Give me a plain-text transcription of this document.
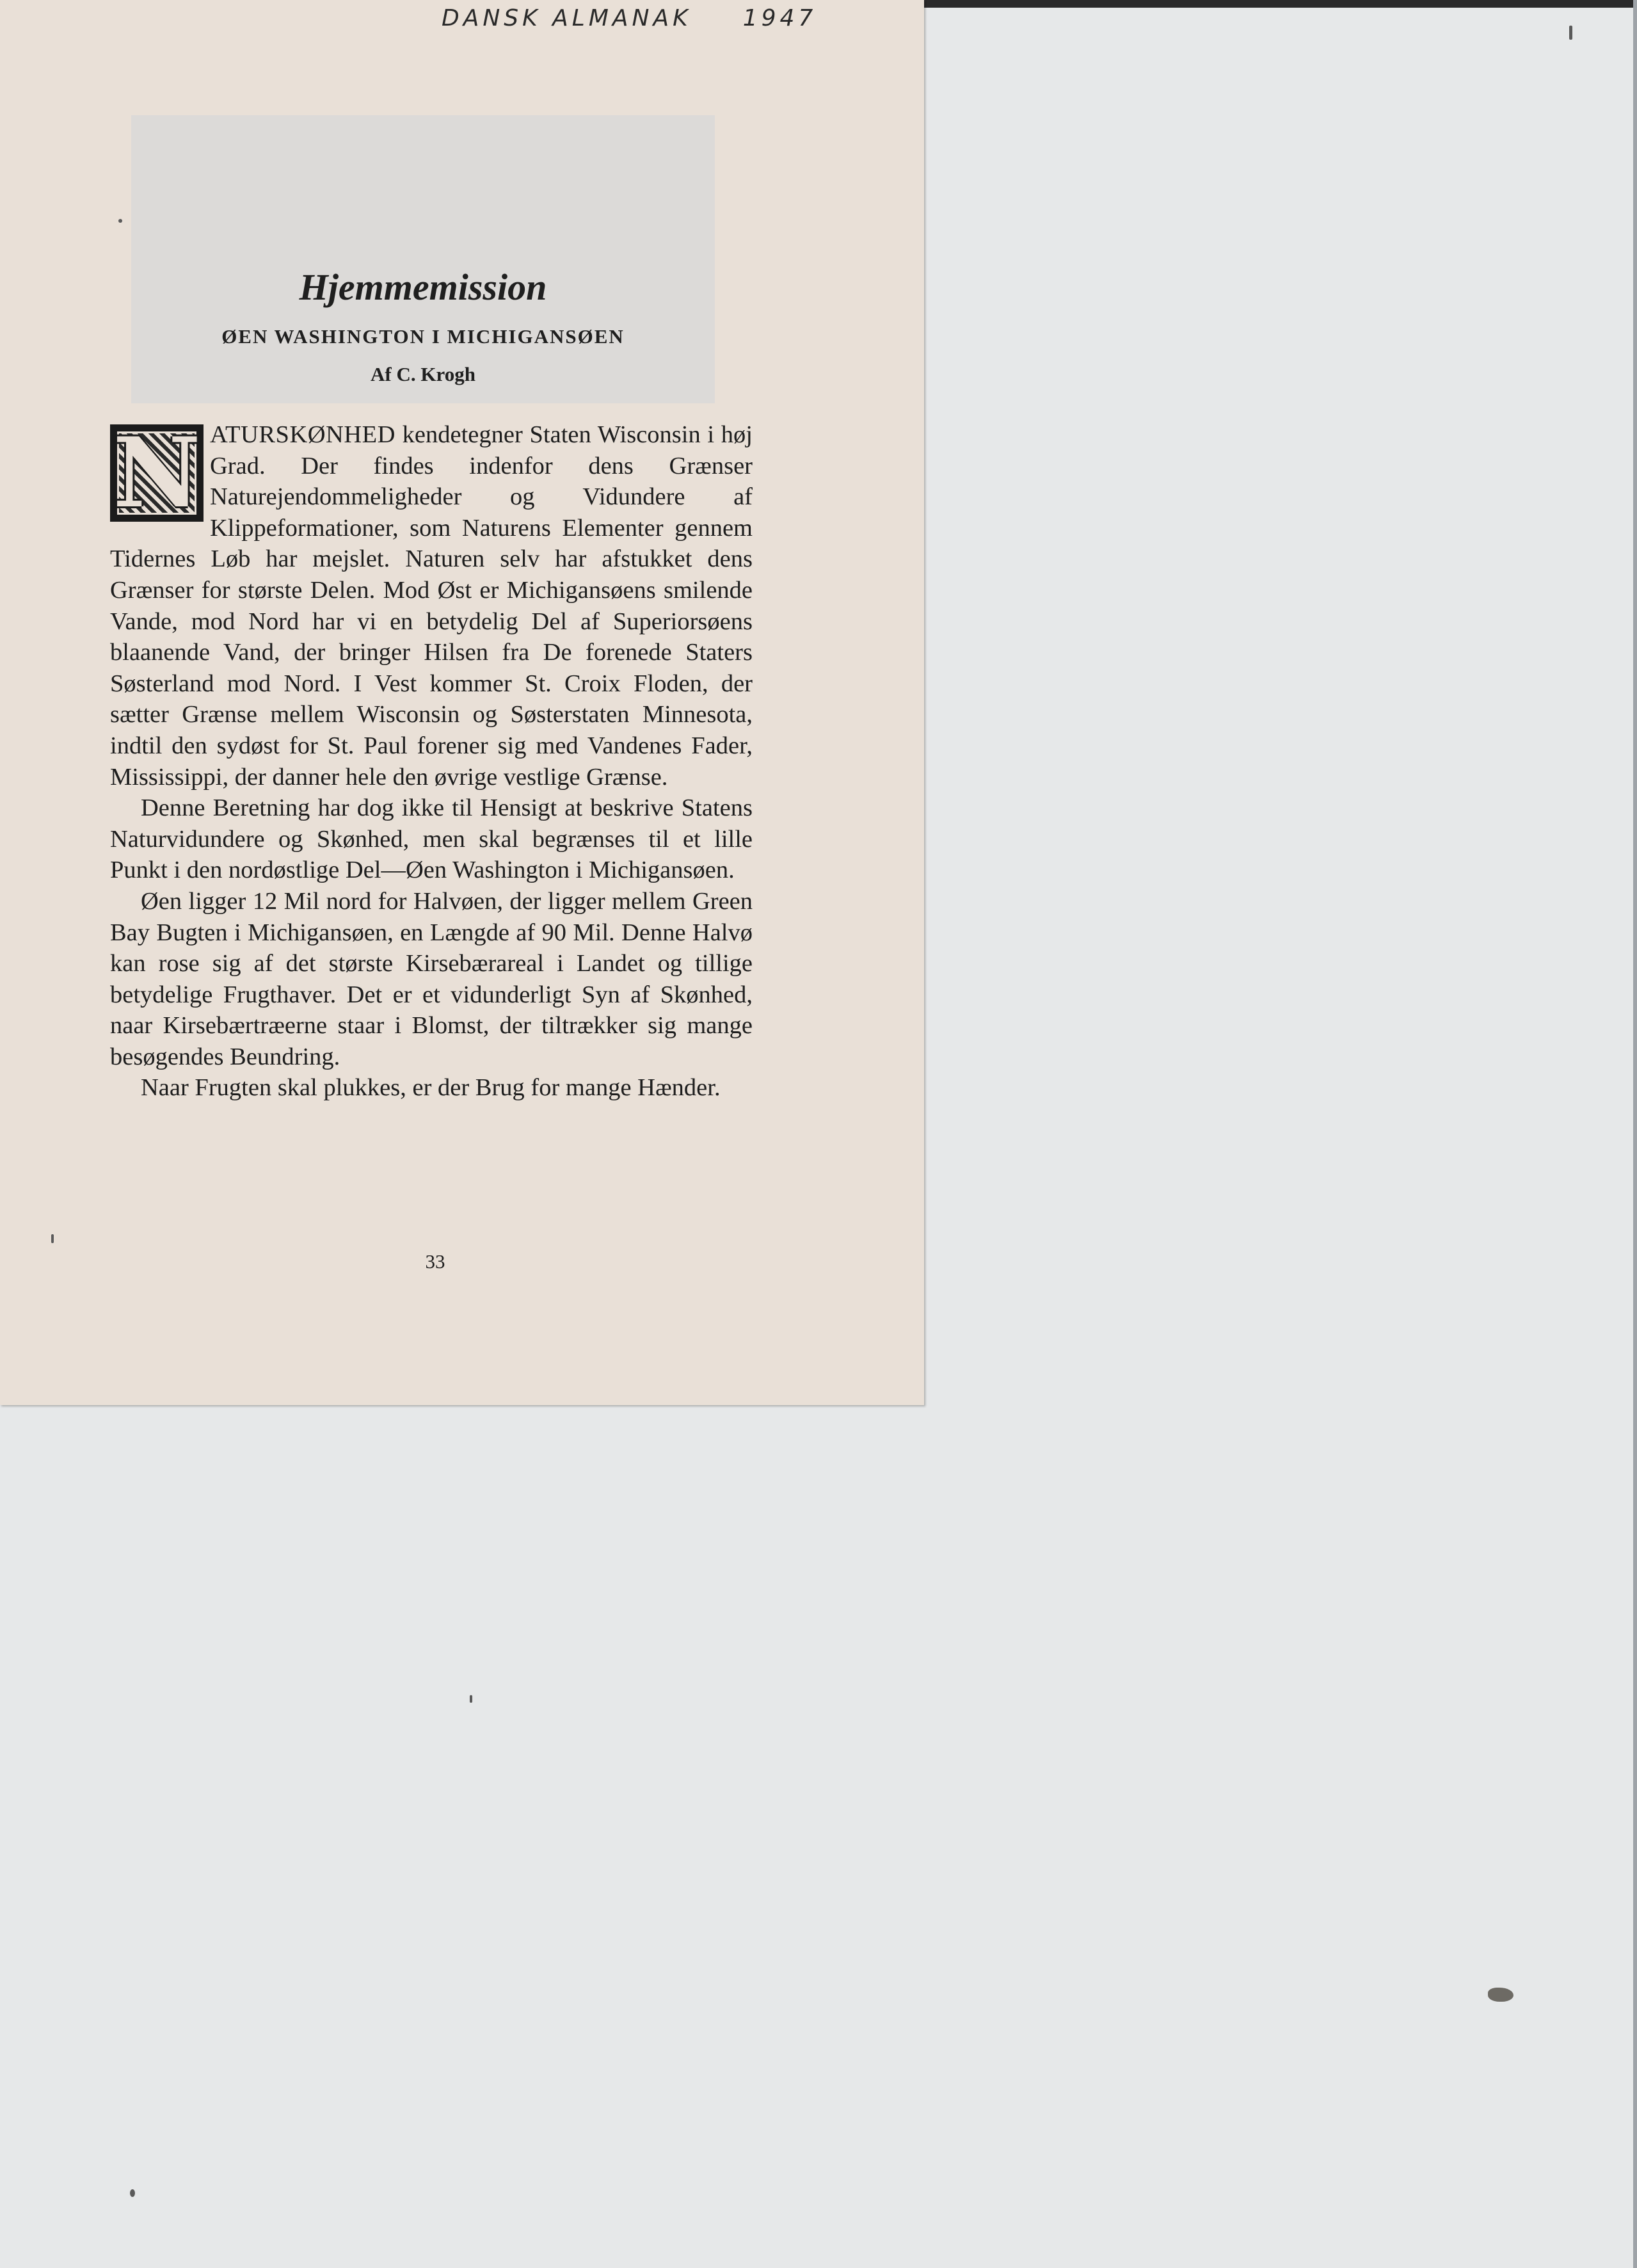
DANSK ALMANAK 1947
Hjemmemission
ØEN WASHINGTON I MICHIGANSØEN
Af C. Krogh

N ATURSKØNHED kendetegner Staten Wisconsin i høj Grad. Der findes indenfor dens Grænser Naturejendommeligheder og Vidundere af Klippeformationer, som Naturens Elementer gennem Tidernes Løb har mejslet. Naturen selv har afstukket dens Grænser for største Delen. Mod Øst er Michigansøens smilende Vande, mod Nord har vi en betydelig Del af Superiorsøens blaanende Vand, der bringer Hilsen fra De forenede Staters Søsterland mod Nord. I Vest kommer St. Croix Floden, der sætter Grænse mellem Wisconsin og Søsterstaten Minnesota, indtil den sydøst for St. Paul forener sig med Vandenes Fader, Mississippi, der danner hele den øvrige vestlige Grænse.

Denne Beretning har dog ikke til Hensigt at beskrive Statens Naturvidundere og Skønhed, men skal begrænses til et lille Punkt i den nordøstlige Del—Øen Washington i Michigansøen.

Øen ligger 12 Mil nord for Halvøen, der ligger mellem Green Bay Bugten i Michigansøen, en Længde af 90 Mil. Denne Halvø kan rose sig af det største Kirsebærareal i Landet og tillige betydelige Frugthaver. Det er et vidunderligt Syn af Skønhed, naar Kirsebærtræerne staar i Blomst, der tiltrækker sig mange besøgendes Beundring.

Naar Frugten skal plukkes, er der Brug for mange Hænder.

33
